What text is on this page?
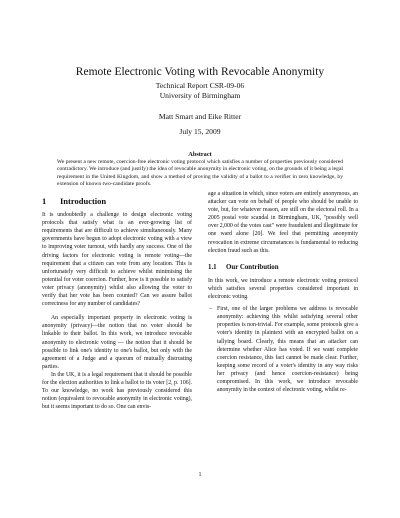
Remote Electronic Voting with Revocable Anonymity
Technical Report CSR-09-06
University of Birmingham
Matt Smart and Eike Ritter
July 15, 2009
Abstract
We present a new remote, coercion-free electronic voting protocol which satisfies a number of properties previously considered contradictory. We introduce (and justify) the idea of revocable anonymity in electronic voting, on the grounds of it being a legal requirement in the United Kingdom, and show a method of proving the validity of a ballot to a verifier in zero knowledge, by extension of known two-candidate proofs.
1 Introduction

It is undoubtedly a challenge to design electronic voting protocols that satisfy what is an ever-growing list of requirements that are difficult to achieve simultaneously. Many governments have begun to adopt electronic voting with a view to improving voter turnout, with hardly any success. One of the driving factors for electronic voting is remote voting—the requirement that a citizen can vote from any location. This is unfortunately very difficult to achieve whilst minimising the potential for voter coercion. Further, how is it possible to satisfy voter privacy (anonymity) whilst also allowing the voter to verify that her vote has been counted? Can we assure ballot correctness for any number of candidates?

An especially important property in electronic voting is anonymity (privacy)—the notion that no voter should be linkable to their ballot. In this work, we introduce revocable anonymity to electronic voting — the notion that it should be possible to link one's identity to one's ballot, but only with the agreement of a Judge and a quorum of mutually distrusting parties.

In the UK, it is a legal requirement that it should be possible for the election authorities to link a ballot to its voter [2, p. 106]. To our knowledge, no work has previously considered this notion (equivalent to revocable anonymity in electronic voting), but it seems important to do so. One can envis-

age a situation in which, since voters are entirely anonymous, an attacker can vote on behalf of people who should be unable to vote, but, for whatever reason, are still on the electoral roll. In a 2005 postal vote scandal in Birmingham, UK, "possibly well over 2,000 of the votes cast" were fraudulent and illegitimate for one ward alone [20]. We feel that permitting anonymity revocation in extreme circumstances is fundamental to reducing election fraud such as this.

1.1 Our Contribution

In this work, we introduce a remote electronic voting protocol which satisfies several properties considered important in electronic voting.

– First, one of the larger problems we address is revocable anonymity: achieving this whilst satisfying several other properties is non-trivial. For example, some protocols give a voter's identity in plaintext with an encrypted ballot on a tallying board. Clearly, this means that an attacker can determine whether Alice has voted. If we want complete coercion resistance, this fact cannot be made clear. Further, keeping some record of a voter's identity in any way risks her privacy (and hence coercion-resistance) being compromised. In this work, we introduce revocable anonymity in the context of electronic voting, whilst re-
1
